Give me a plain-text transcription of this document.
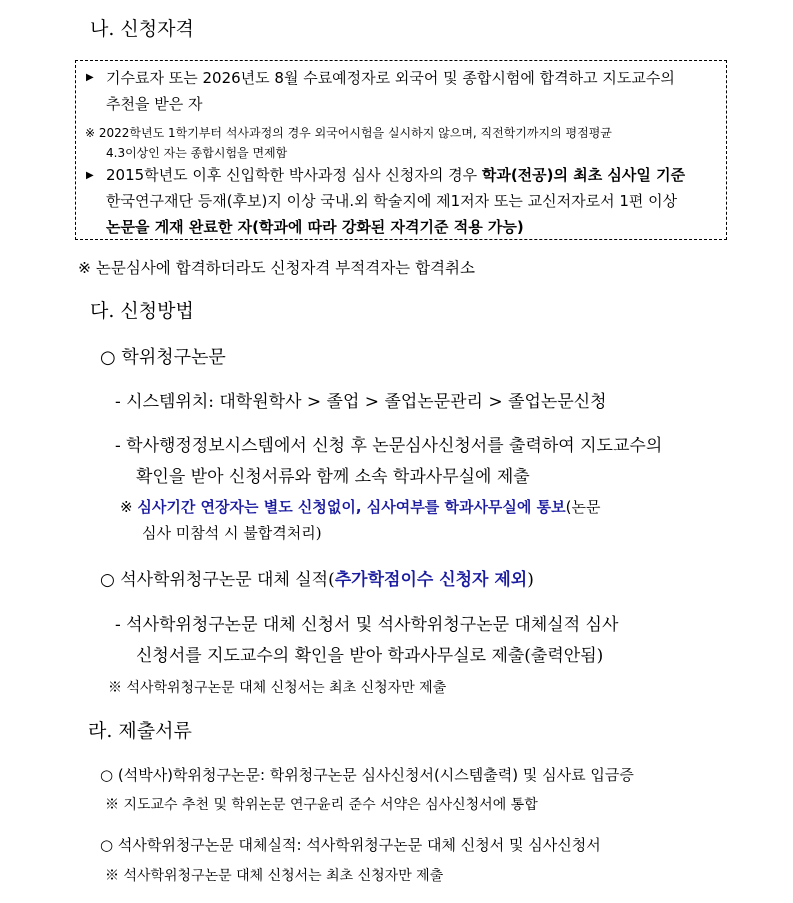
나. 신청자격
▶ 기수료자 또는 2026년도 8월 수료예정자로 외국어 및 종합시험에 합격하고 지도교수의
추천을 받은 자
※ 2022학년도 1학기부터 석사과정의 경우 외국어시험을 실시하지 않으며, 직전학기까지의 평점평균
4.3이상인 자는 종합시험을 면제함
▶ 2015학년도 이후 신입학한 박사과정 심사 신청자의 경우 학과(전공)의 최초 심사일 기준
한국연구재단 등재(후보)지 이상 국내.외 학술지에 제1저자 또는 교신저자로서 1편 이상
논문을 게재 완료한 자(학과에 따라 강화된 자격기준 적용 가능)
※ 논문심사에 합격하더라도 신청자격 부적격자는 합격취소
다. 신청방법
○ 학위청구논문
- 시스템위치: 대학원학사 > 졸업 > 졸업논문관리 > 졸업논문신청
- 학사행정정보시스템에서 신청 후 논문심사신청서를 출력하여 지도교수의
확인을 받아 신청서류와 함께 소속 학과사무실에 제출
※ 심사기간 연장자는 별도 신청없이, 심사여부를 학과사무실에 통보(논문
심사 미참석 시 불합격처리)
○ 석사학위청구논문 대체 실적(추가학점이수 신청자 제외)
- 석사학위청구논문 대체 신청서 및 석사학위청구논문 대체실적 심사
신청서를 지도교수의 확인을 받아 학과사무실로 제출(출력안됨)
※ 석사학위청구논문 대체 신청서는 최초 신청자만 제출
라. 제출서류
○ (석박사)학위청구논문: 학위청구논문 심사신청서(시스템출력) 및 심사료 입금증
※ 지도교수 추천 및 학위논문 연구윤리 준수 서약은 심사신청서에 통합
○ 석사학위청구논문 대체실적: 석사학위청구논문 대체 신청서 및 심사신청서
※ 석사학위청구논문 대체 신청서는 최초 신청자만 제출
